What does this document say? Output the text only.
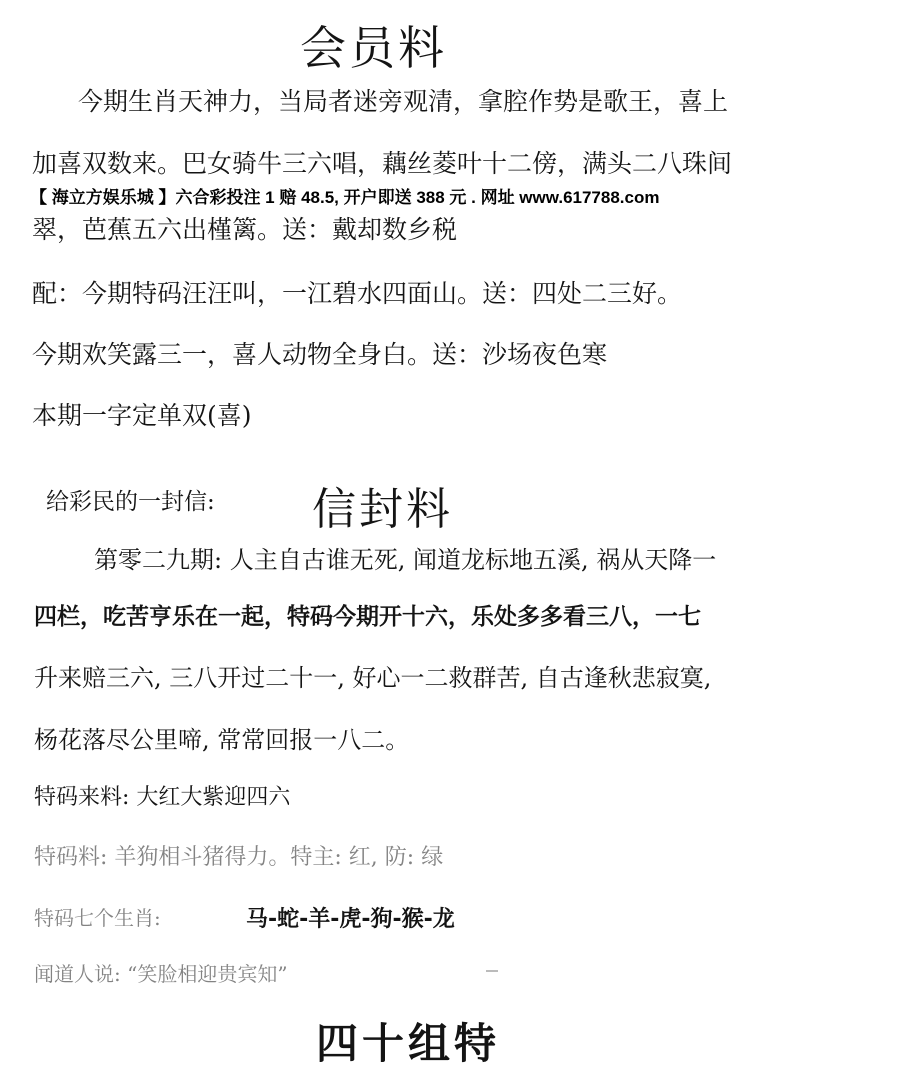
会员料
今期生肖天神力，当局者迷旁观清，拿腔作势是歌王，喜上
加喜双数来。巴女骑牛三六唱，藕丝菱叶十二傍，满头二八珠间
【 海立方娱乐城 】六合彩投注 1 赔 48.5, 开户即送 388 元 . 网址 www.617788.com
翠，芭蕉五六出槿篱。送：戴却数乡税
配：今期特码汪汪叫，一江碧水四面山。送：四处二三好。
今期欢笑露三一，喜人动物全身白。送：沙场夜色寒
本期一字定单双(喜)
给彩民的一封信: 信封料
第零二九期: 人主自古谁无死, 闻道龙标地五溪, 祸从天降一
四栏，吃苦亨乐在一起，特码今期开十六，乐处多多看三八，一七
升来赔三六, 三八开过二十一, 好心一二救群苦, 自古逢秋悲寂寞,
杨花落尽公里啼, 常常回报一八二。
特码来料: 大红大紫迎四六
特码料: 羊狗相斗猪得力。特主: 红, 防: 绿
特码七个生肖:	马-蛇-羊-虎-狗-猴-龙
闻道人说: “笑脸相迎贵宾知”
四十组特
